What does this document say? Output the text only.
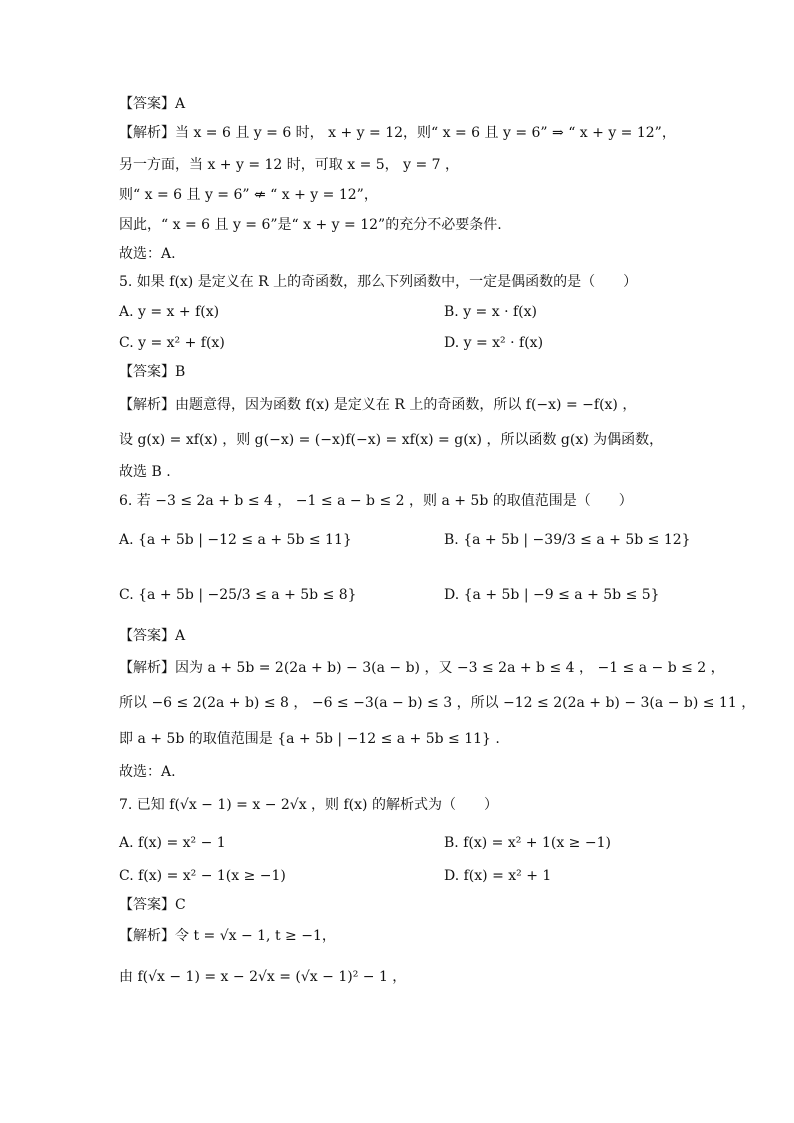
【答案】A
【解析】当 x = 6 且 y = 6 时， x + y = 12，则“ x = 6 且 y = 6” ⇒ “ x + y = 12”，
另一方面，当 x + y = 12 时，可取 x = 5， y = 7 ，
则“ x = 6 且 y = 6” ⇍ “ x + y = 12”，
因此，“ x = 6 且 y = 6”是“ x + y = 12”的充分不必要条件.
故选：A.
5. 如果 f(x) 是定义在 R 上的奇函数，那么下列函数中，一定是偶函数的是（　　）
A. y = x + f(x)	B. y = x · f(x)
C. y = x² + f(x)	D. y = x² · f(x)
【答案】B
【解析】由题意得，因为函数 f(x) 是定义在 R 上的奇函数，所以 f(−x) = −f(x) ，
设 g(x) = xf(x) ，则 g(−x) = (−x)f(−x) = xf(x) = g(x) ，所以函数 g(x) 为偶函数，
故选 B .
6. 若 −3 ≤ 2a + b ≤ 4 ， −1 ≤ a − b ≤ 2 ，则 a + 5b 的取值范围是（　　）
A. {a + 5b | −12 ≤ a + 5b ≤ 11}	B. {a + 5b | −39/3 ≤ a + 5b ≤ 12}
C. {a + 5b | −25/3 ≤ a + 5b ≤ 8}	D. {a + 5b | −9 ≤ a + 5b ≤ 5}
【答案】A
【解析】因为 a + 5b = 2(2a + b) − 3(a − b) ，又 −3 ≤ 2a + b ≤ 4 ， −1 ≤ a − b ≤ 2 ，
所以 −6 ≤ 2(2a + b) ≤ 8 ， −6 ≤ −3(a − b) ≤ 3 ，所以 −12 ≤ 2(2a + b) − 3(a − b) ≤ 11 ，
即 a + 5b 的取值范围是 {a + 5b | −12 ≤ a + 5b ≤ 11} .
故选：A.
7. 已知 f(√x − 1) = x − 2√x ，则 f(x) 的解析式为（　　）
A. f(x) = x² − 1	B. f(x) = x² + 1(x ≥ −1)
C. f(x) = x² − 1(x ≥ −1)	D. f(x) = x² + 1
【答案】C
【解析】令 t = √x − 1, t ≥ −1，
由 f(√x − 1) = x − 2√x = (√x − 1)² − 1 ，
